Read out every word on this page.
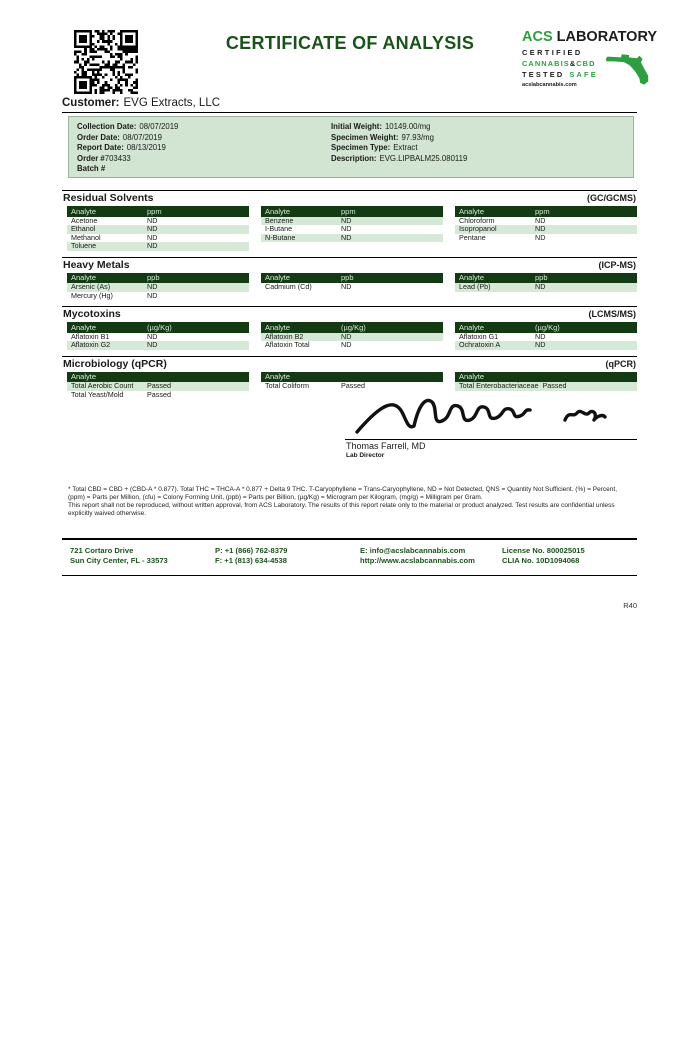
CERTIFICATE OF ANALYSIS	ACS LABORATORY
CERTIFIED
CANNABIS&CBD
TESTED SAFE
acslabcannabis.com
Customer: EVG Extracts, LLC
Collection Date: 08/07/2019
Order Date: 08/07/2019
Report Date: 08/13/2019
Order #703433
Batch #
Initial Weight: 10149.00/mg
Specimen Weight: 97.93/mg
Specimen Type: Extract
Description: EVG.LIPBALM25.080119
Residual Solvents	(GC/GCMS)
Analyte	ppm
Acetone	ND
Ethanol	ND
Methanol	ND
Toluene	ND
Analyte	ppm
Benzene	ND
I-Butane	ND
N-Butane	ND
Analyte	ppm
Chloroform	ND
Isopropanol	ND
Pentane	ND
Heavy Metals	(ICP-MS)
Analyte	ppb
Arsenic (As)	ND
Mercury (Hg)	ND
Analyte	ppb
Cadmium (Cd)	ND
Analyte	ppb
Lead (Pb)	ND
Mycotoxins	(LCMS/MS)
Analyte	(µg/Kg)
Aflatoxin B1	ND
Aflatoxin G2	ND
Analyte	(µg/Kg)
Aflatoxin B2	ND
Aflatoxin Total	ND
Analyte	(µg/Kg)
Aflatoxin G1	ND
Ochratoxin A	ND
Microbiology (qPCR)	(qPCR)
Analyte
Total Aerobic Count	Passed
Total Yeast/Mold	Passed
Analyte
Total Coliform	Passed
Analyte
Total Enterobacteriaceae Passed
Thomas Farrell, MD
Lab Director

* Total CBD = CBD + (CBD-A * 0.877). Total THC = THCA-A * 0.877 + Delta 9 THC. T-Caryophyllene = Trans-Caryophyllene, ND = Not Detected, QNS = Quantity Not Sufficient. (%) = Percent, (ppm) = Parts per Million, (cfu) = Colony Forming Unit, (ppb) = Parts per Billion, (µg/Kg) = Microgram per Kilogram, (mg/g) = Milligram per Gram.

This report shall not be reproduced, without written approval, from ACS Laboratory. The results of this report relate only to the material or product analyzed. Test results are confidential unless explicitly waived otherwise.

721 Cortaro Drive
Sun City Center, FL - 33573
P: +1 (866) 762-8379
F: +1 (813) 634-4538
E: info@acslabcannabis.com
http://www.acslabcannabis.com
License No. 800025015
CLIA No. 10D1094068
R40
